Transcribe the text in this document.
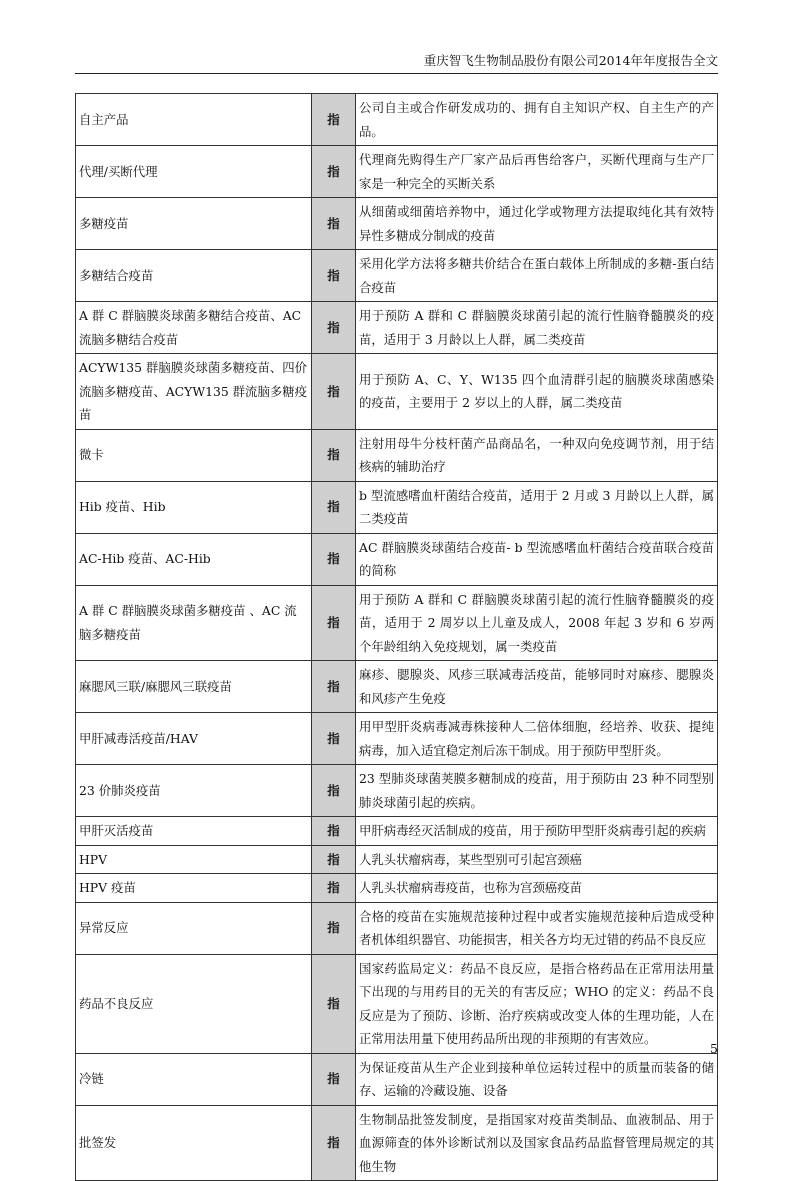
重庆智飞生物制品股份有限公司2014年年度报告全文
自主产品	指	公司自主或合作研发成功的、拥有自主知识产权、自主生产的产品。
代理/买断代理	指	代理商先购得生产厂家产品后再售给客户，买断代理商与生产厂家是一种完全的买断关系
多糖疫苗	指	从细菌或细菌培养物中，通过化学或物理方法提取纯化其有效特异性多糖成分制成的疫苗
多糖结合疫苗	指	采用化学方法将多糖共价结合在蛋白载体上所制成的多糖-蛋白结合疫苗
A 群 C 群脑膜炎球菌多糖结合疫苗、AC 流脑多糖结合疫苗	指	用于预防 A 群和 C 群脑膜炎球菌引起的流行性脑脊髓膜炎的疫苗，适用于 3 月龄以上人群，属二类疫苗
ACYW135 群脑膜炎球菌多糖疫苗、四价流脑多糖疫苗、ACYW135 群流脑多糖疫苗	指	用于预防 A、C、Y、W135 四个血清群引起的脑膜炎球菌感染的疫苗，主要用于 2 岁以上的人群，属二类疫苗
微卡	指	注射用母牛分枝杆菌产品商品名，一种双向免疫调节剂，用于结核病的辅助治疗
Hib 疫苗、Hib	指	b 型流感嗜血杆菌结合疫苗，适用于 2 月或 3 月龄以上人群，属二类疫苗
AC-Hib 疫苗、AC-Hib	指	AC 群脑膜炎球菌结合疫苗- b 型流感嗜血杆菌结合疫苗联合疫苗的简称
A 群 C 群脑膜炎球菌多糖疫苗 、AC 流脑多糖疫苗	指	用于预防 A 群和 C 群脑膜炎球菌引起的流行性脑脊髓膜炎的疫苗，适用于 2 周岁以上儿童及成人，2008 年起 3 岁和 6 岁两个年龄组纳入免疫规划，属一类疫苗
麻腮风三联/麻腮风三联疫苗	指	麻疹、腮腺炎、风疹三联减毒活疫苗，能够同时对麻疹、腮腺炎和风疹产生免疫
甲肝减毒活疫苗/HAV	指	用甲型肝炎病毒减毒株接种人二倍体细胞，经培养、收获、提纯病毒，加入适宜稳定剂后冻干制成。用于预防甲型肝炎。
23 价肺炎疫苗	指	23 型肺炎球菌荚膜多糖制成的疫苗，用于预防由 23 种不同型别肺炎球菌引起的疾病。
甲肝灭活疫苗	指	甲肝病毒经灭活制成的疫苗，用于预防甲型肝炎病毒引起的疾病
HPV	指	人乳头状瘤病毒，某些型别可引起宫颈癌
HPV 疫苗	指	人乳头状瘤病毒疫苗，也称为宫颈癌疫苗
异常反应	指	合格的疫苗在实施规范接种过程中或者实施规范接种后造成受种者机体组织器官、功能损害，相关各方均无过错的药品不良反应
药品不良反应	指	国家药监局定义：药品不良反应，是指合格药品在正常用法用量下出现的与用药目的无关的有害反应；WHO 的定义：药品不良反应是为了预防、诊断、治疗疾病或改变人体的生理功能，人在正常用法用量下使用药品所出现的非预期的有害效应。
冷链	指	为保证疫苗从生产企业到接种单位运转过程中的质量而装备的储存、运输的冷藏设施、设备
批签发	指	生物制品批签发制度，是指国家对疫苗类制品、血液制品、用于血源筛查的体外诊断试剂以及国家食品药品监督管理局规定的其他生物
5
